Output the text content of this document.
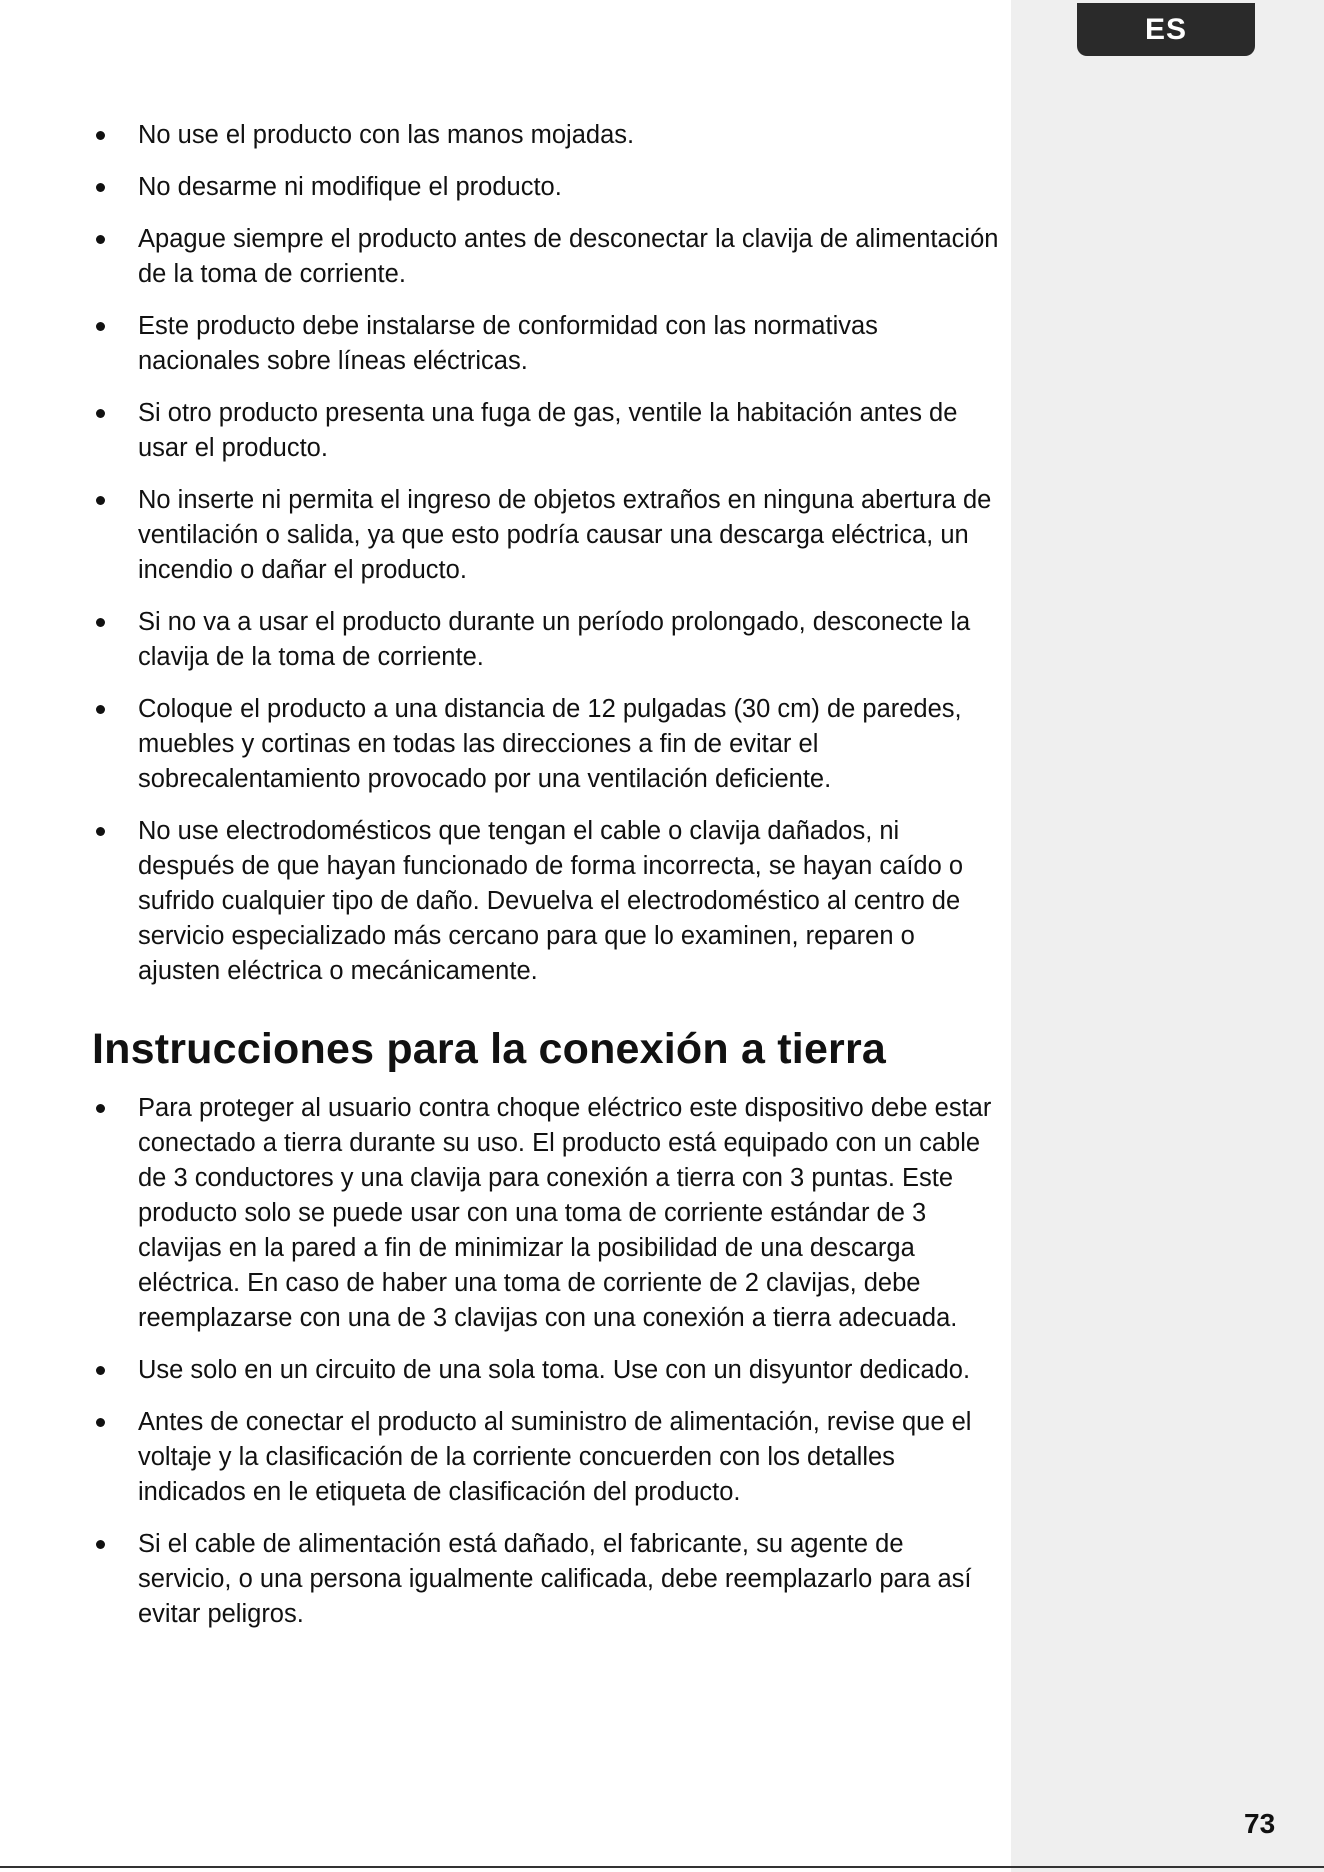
ES
No use el producto con las manos mojadas.
No desarme ni modifique el producto.
Apague siempre el producto antes de desconectar la clavija de alimentación de la toma de corriente.
Este producto debe instalarse de conformidad con las normativas nacionales sobre líneas eléctricas.
Si otro producto presenta una fuga de gas, ventile la habitación antes de usar el producto.
No inserte ni permita el ingreso de objetos extraños en ninguna abertura de ventilación o salida, ya que esto podría causar una descarga eléctrica, un incendio o dañar el producto.
Si no va a usar el producto durante un período prolongado, desconecte la clavija de la toma de corriente.
Coloque el producto a una distancia de 12 pulgadas (30 cm) de paredes, muebles y cortinas en todas las direcciones a fin de evitar el sobrecalentamiento provocado por una ventilación deficiente.
No use electrodomésticos que tengan el cable o clavija dañados, ni después de que hayan funcionado de forma incorrecta, se hayan caído o sufrido cualquier tipo de daño. Devuelva el electrodoméstico al centro de servicio especializado más cercano para que lo examinen, reparen o ajusten eléctrica o mecánicamente.
Instrucciones para la conexión a tierra
Para proteger al usuario contra choque eléctrico este dispositivo debe estar conectado a tierra durante su uso. El producto está equipado con un cable de 3 conductores y una clavija para conexión a tierra con 3 puntas. Este producto solo se puede usar con una toma de corriente estándar de 3 clavijas en la pared a fin de minimizar la posibilidad de una descarga eléctrica. En caso de haber una toma de corriente de 2 clavijas, debe reemplazarse con una de 3 clavijas con una conexión a tierra adecuada.
Use solo en un circuito de una sola toma. Use con un disyuntor dedicado.
Antes de conectar el producto al suministro de alimentación, revise que el voltaje y la clasificación de la corriente concuerden con los detalles indicados en le etiqueta de clasificación del producto.
Si el cable de alimentación está dañado, el fabricante, su agente de servicio, o una persona igualmente calificada, debe reemplazarlo para así evitar peligros.
73
